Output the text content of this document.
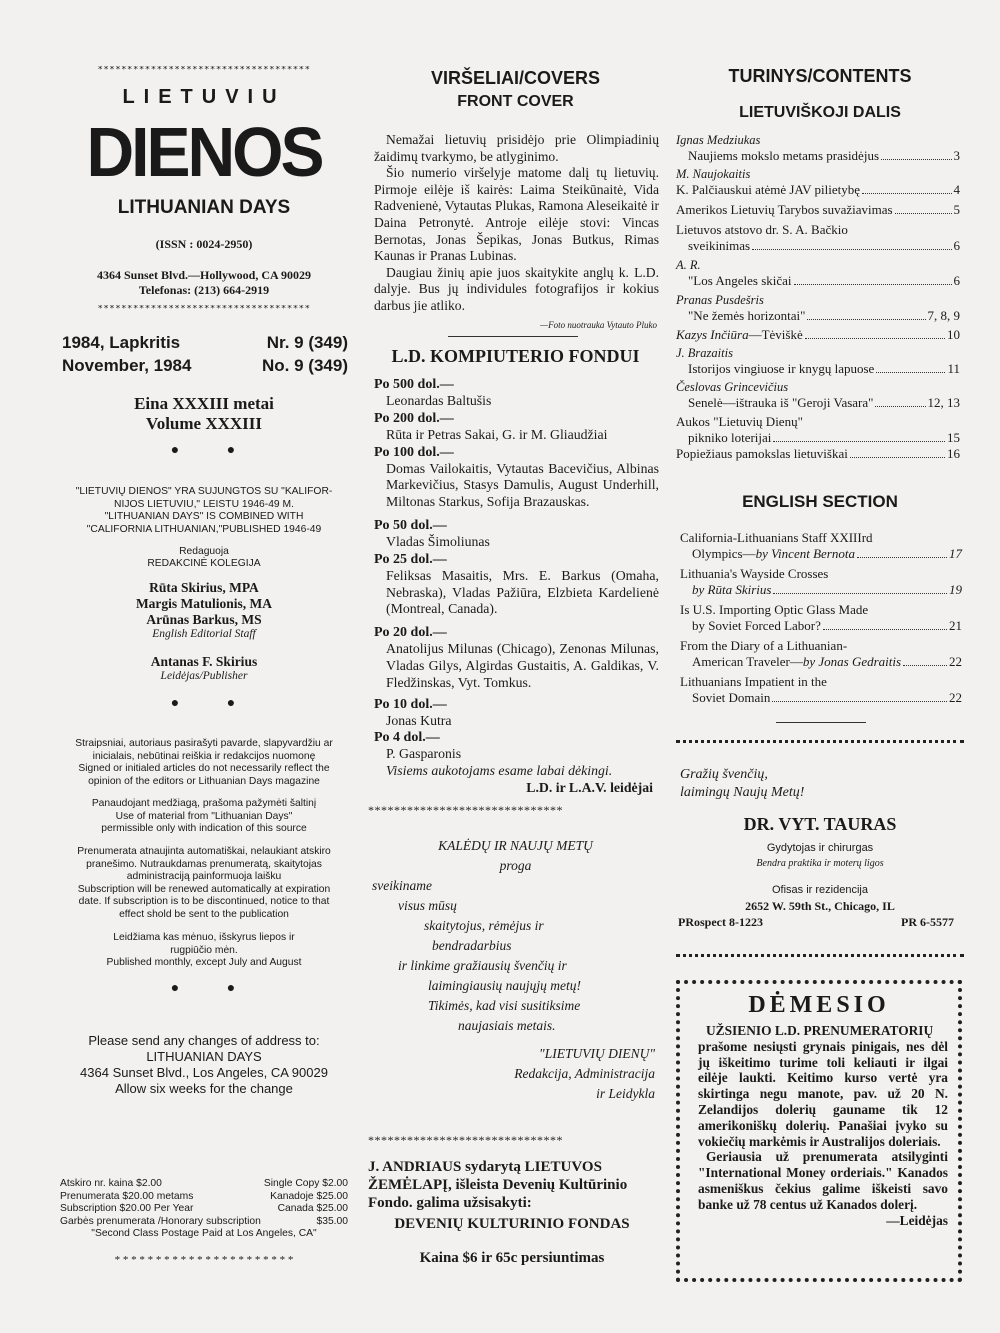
************************************
LIETUVIU
DIENOS
LITHUANIAN DAYS
(ISSN : 0024-2950)
4364 Sunset Blvd.—Hollywood, CA 90029
Telefonas: (213) 664-2919
************************************
1984, Lapkritis	Nr. 9 (349)
November, 1984	No. 9 (349)
Eina XXXIII metai
Volume XXXIII
● ●
"LIETUVIŲ DIENOS" YRA SUJUNGTOS SU "KALIFOR-
NIJOS LIETUVIU," LEISTU 1946-49 M.
"LITHUANIAN DAYS" IS COMBINED WITH
"CALIFORNIA LITHUANIAN,"PUBLISHED 1946-49
Redaguoja
REDAKCINĖ KOLEGIJA
Rūta Skirius, MPA
Margis Matulionis, MA
Arūnas Barkus, MS
English Editorial Staff
Antanas F. Skirius
Leidėjas/Publisher
● ●
Straipsniai, autoriaus pasirašyti pavarde, slapyvardžiu ar
inicialais, nebūtinai reiškia ir redakcijos nuomonę
Signed or initialed articles do not necessarily reflect the
opinion of the editors or Lithuanian Days magazine
Panaudojant medžiagą, prašoma pažymėti šaltinį
Use of material from "Lithuanian Days"
permissible only with indication of this source
Prenumerata atnaujinta automatiškai, nelaukiant atskiro
pranešimo. Nutraukdamas prenumeratą, skaitytojas
administraciją painformuoja laišku
Subscription will be renewed automatically at expiration
date. If subscription is to be discontinued, notice to that
effect shold be sent to the publication
Leidžiama kas mėnuo, išskyrus liepos ir
rugpiūčio mėn.
Published monthly, except July and August
● ●
Please send any changes of address to:
LITHUANIAN DAYS
4364 Sunset Blvd., Los Angeles, CA 90029
Allow six weeks for the change
Atskiro nr. kaina $2.00	Single Copy $2.00
Prenumerata $20.00 metams	Kanadoje $25.00
Subscription $20.00 Per Year	Canada $25.00
Garbės prenumerata /Honorary subscription	$35.00
"Second Class Postage Paid at Los Angeles, CA"
* * * * * * * * * * * * * * * * * * * * * *
VIRŠELIAI/COVERS
FRONT COVER

Nemažai lietuvių prisidėjo prie Olimpiadinių žaidimų tvarkymo, be atlyginimo.

Šio numerio viršelyje matome dalį tų lietuvių. Pirmoje eilėje iš kairės: Laima Steikūnaitė, Vida Radvenienė, Vytautas Plukas, Ramona Aleseikaitė ir Daina Petronytė. Antroje eilėje stovi: Vincas Bernotas, Jonas Šepikas, Jonas Butkus, Rimas Kaunas ir Pranas Lubinas.

Daugiau žinių apie juos skaitykite anglų k. L.D. dalyje. Bus jų individules fotografijos ir kokius darbus jie atliko.

—Foto nuotrauka Vytauto Pluko
L.D. KOMPIUTERIO FONDUI
Po 500 dol.—
Leonardas Baltušis
Po 200 dol.—
Rūta ir Petras Sakai, G. ir M. Gliaudžiai
Po 100 dol.—
Domas Vailokaitis, Vytautas Bacevičius, Albinas Markevičius, Stasys Damulis, August Underhill, Miltonas Starkus, Sofija Brazauskas.
Po 50 dol.—
Vladas Šimoliunas
Po 25 dol.—
Feliksas Masaitis, Mrs. E. Barkus (Omaha, Nebraska), Vladas Pažiūra, Elzbieta Kardelienė (Montreal, Canada).
Po 20 dol.—
Anatolijus Milunas (Chicago), Zenonas Milunas, Vladas Gilys, Algirdas Gustaitis, A. Galdikas, V. Fledžinskas, Vyt. Tomkus.
Po 10 dol.—
Jonas Kutra
Po 4 dol.—
P. Gasparonis
Visiems aukotojams esame labai dėkingi.
L.D. ir L.A.V. leidėjai
******************************
KALĖDŲ IR NAUJŲ METŲ
proga
sveikiname
visus mūsų
skaitytojus, rėmėjus ir
bendradarbius
ir linkime gražiausių švenčių ir
laimingiausių naujųjų metų!
Tikimės, kad visi susitiksime
naujasiais metais.
"LIETUVIŲ DIENŲ"
Redakcija, Administracija
ir Leidykla
******************************
J. ANDRIAUS sydarytą LIETUVOS ŽEMĖLAPĮ, išleista Devenių Kultūrinio Fondo. galima užsisakyti:
DEVENIŲ KULTURINIO FONDAS
Kaina $6 ir 65c persiuntimas
TURINYS/CONTENTS
LIETUVIŠKOJI DALIS
Ignas Medziukas
Naujiems mokslo metams prasidėjus	3
M. Naujokaitis
K. Palčiauskui atėmė JAV pilietybę	4
Amerikos Lietuvių Tarybos suvažiavimas	5
Lietuvos atstovo dr. S. A. Bačkio
sveikinimas	6
A. R.
"Los Angeles skičai	6
Pranas Pusdešris
"Ne žemės horizontai"	7, 8, 9
Kazys Inčiūra —Tėviškė	10
J. Brazaitis
Istorijos vingiuose ir knygų lapuose	11
Česlovas Grincevičius
Senelė—ištrauka iš "Geroji Vasara"	12, 13
Aukos "Lietuvių Dienų"
pikniko loterijai	15
Popiežiaus pamokslas lietuviškai	16
ENGLISH SECTION
California-Lithuanians Staff XXIIIrd
Olympics— by Vincent Bernota	17
Lithuania's Wayside Crosses
by Rūta Skirius	19
Is U.S. Importing Optic Glass Made
by Soviet Forced Labor?	21
From the Diary of a Lithuanian-
American Traveler— by Jonas Gedraitis	22
Lithuanians Impatient in the
Soviet Domain	22
Gražių švenčių,
laimingų Naujų Metų!
DR. VYT. TAURAS
Gydytojas ir chirurgas
Bendra praktika ir moterų ligos
Ofisas ir rezidencija
2652 W. 59th St., Chicago, IL
PRospect 8-1223	PR 6-5577
DĖMESIO
UŽSIENIO L.D. PRENUMERATORIŲ
prašome nesiųsti grynais pinigais, nes dėl jų iškeitimo turime toli keliauti ir ilgai eilėje laukti. Keitimo kurso vertė yra skirtinga negu manote, pav. už 20 N. Zelandijos dolerių gauname tik 12 amerikoniškų dolerių. Panašiai įvyko su vokiečių markėmis ir Australijos doleriais.
Geriausia už prenumerata atsilyginti "International Money orderiais." Kanados asmeniškus čekius galime iškeisti savo banke už 78 centus už Kanados dolerį.
—Leidėjas
